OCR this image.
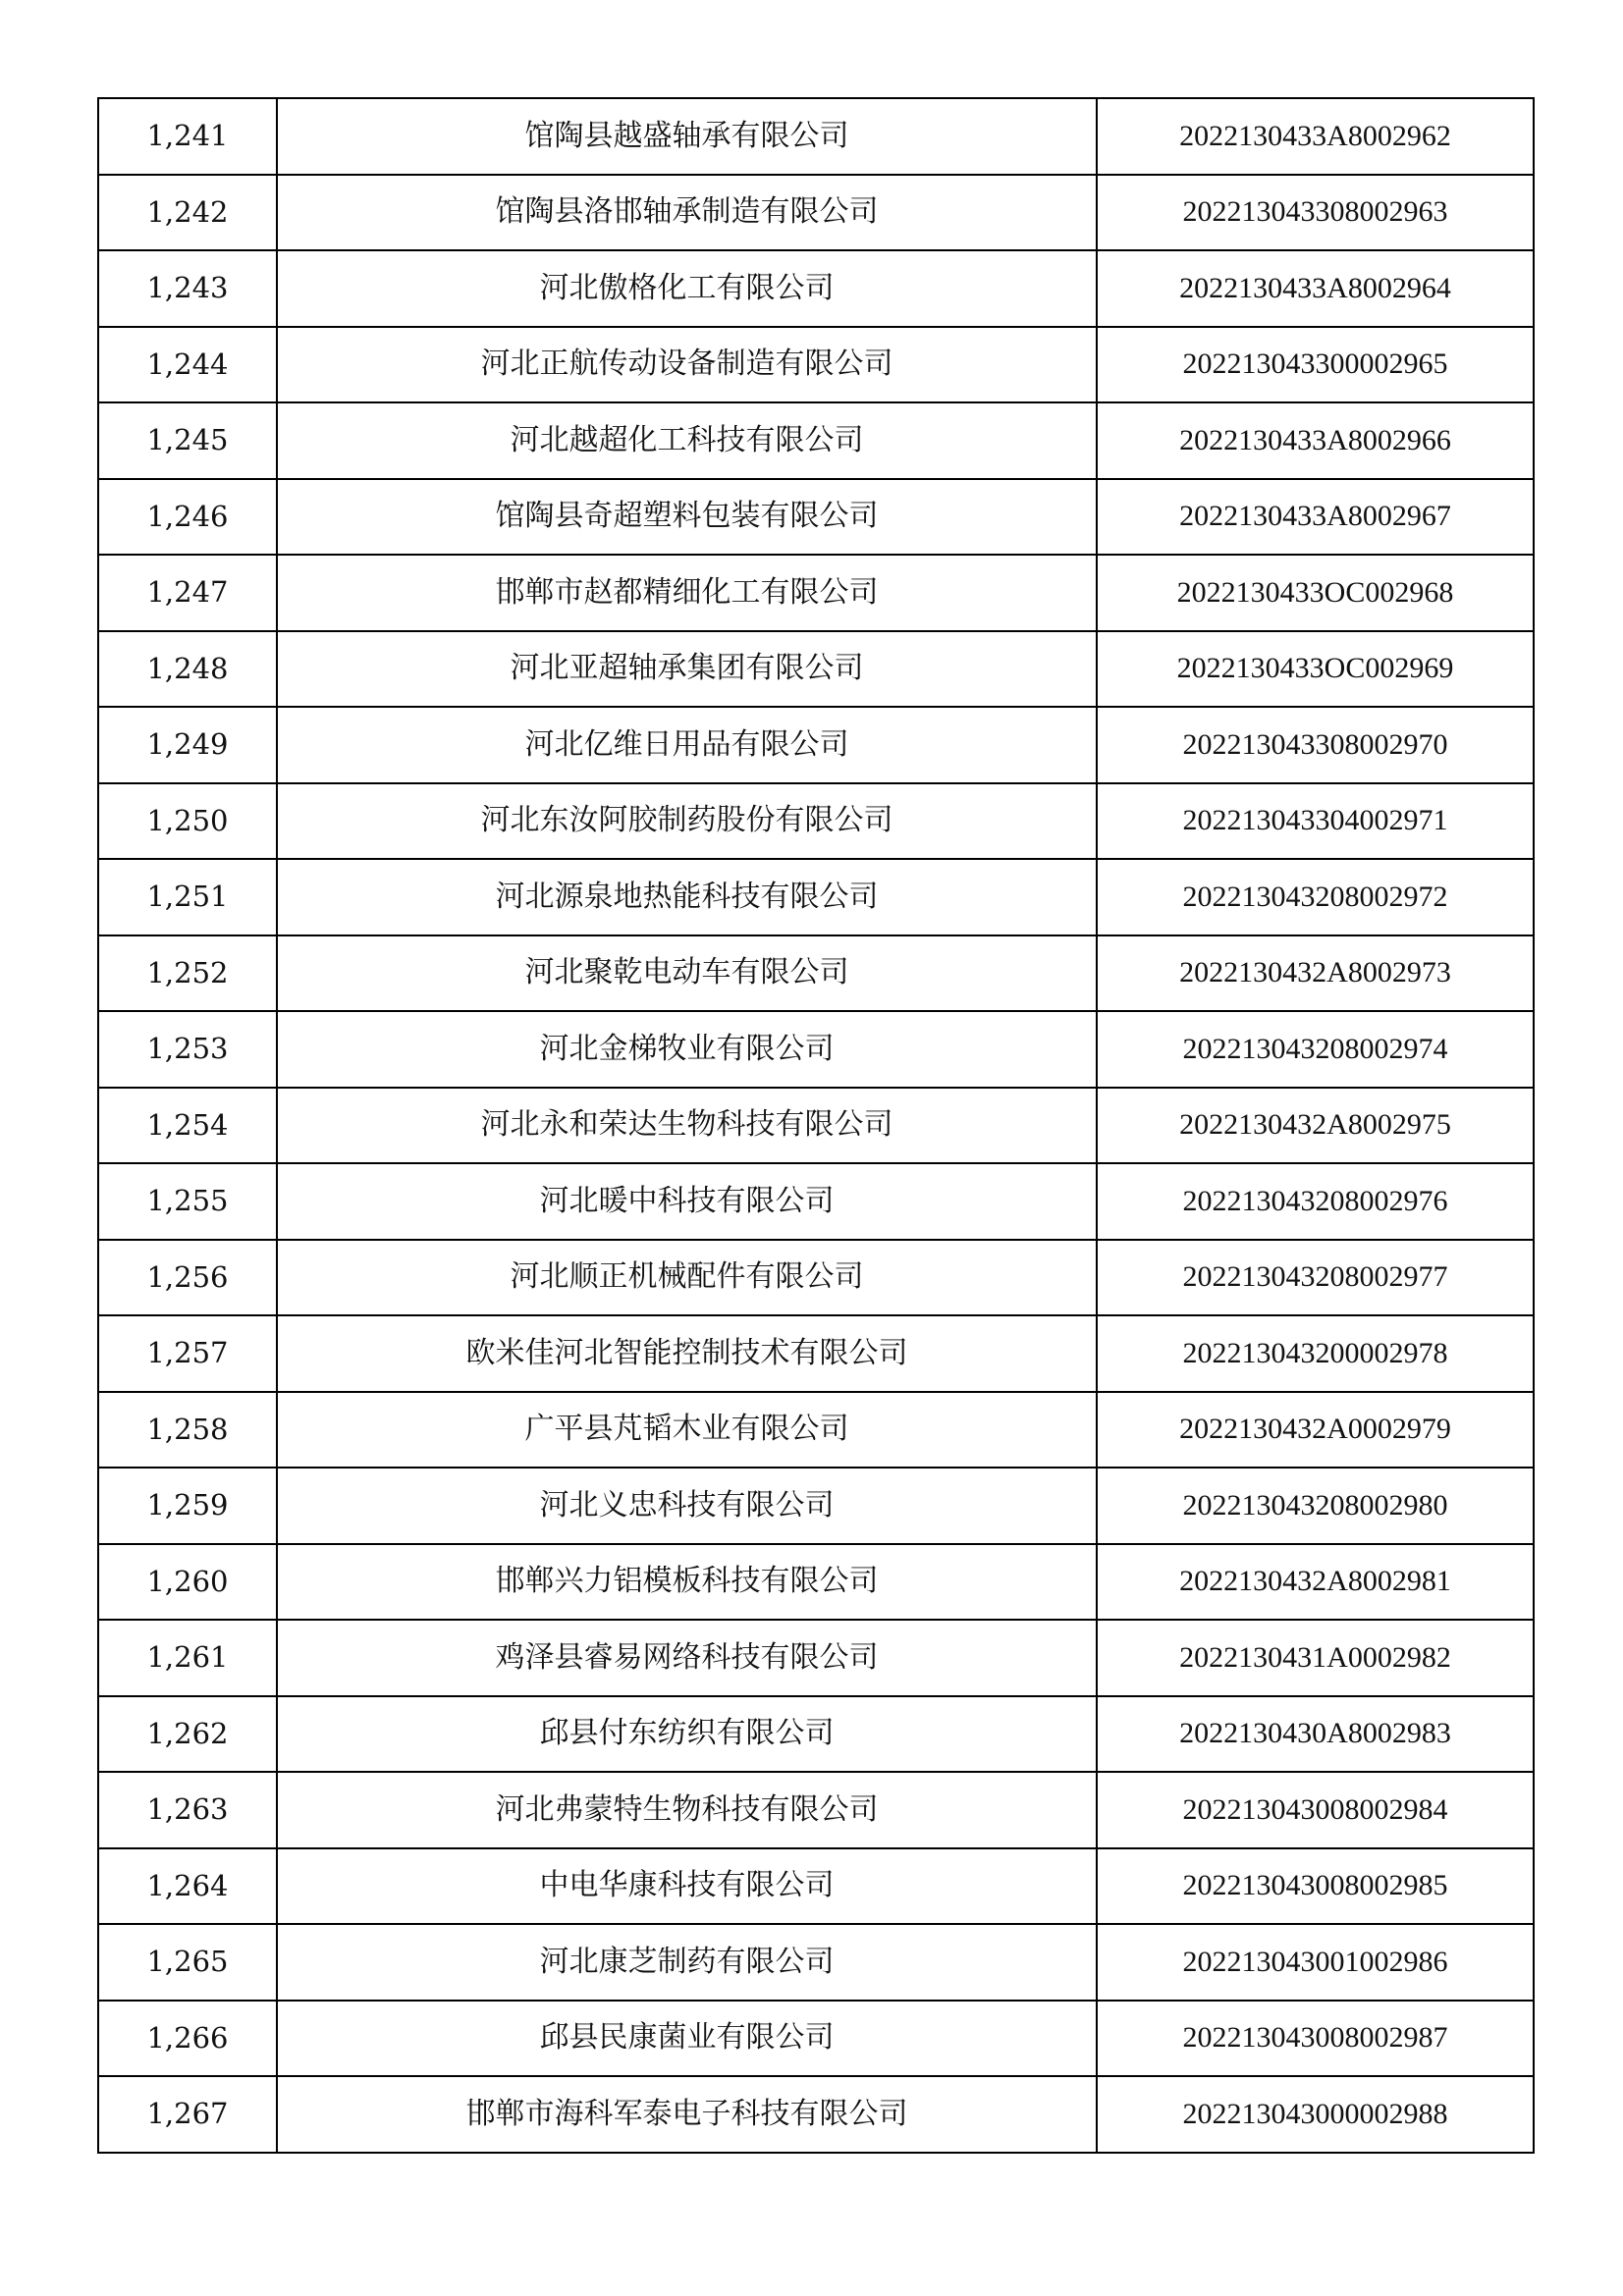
1,241	馆陶县越盛轴承有限公司	2022130433A8002962
1,242	馆陶县洛邯轴承制造有限公司	202213043308002963
1,243	河北傲格化工有限公司	2022130433A8002964
1,244	河北正航传动设备制造有限公司	202213043300002965
1,245	河北越超化工科技有限公司	2022130433A8002966
1,246	馆陶县奇超塑料包装有限公司	2022130433A8002967
1,247	邯郸市赵都精细化工有限公司	2022130433OC002968
1,248	河北亚超轴承集团有限公司	2022130433OC002969
1,249	河北亿维日用品有限公司	202213043308002970
1,250	河北东汝阿胶制药股份有限公司	202213043304002971
1,251	河北源泉地热能科技有限公司	202213043208002972
1,252	河北聚乾电动车有限公司	2022130432A8002973
1,253	河北金梯牧业有限公司	202213043208002974
1,254	河北永和荣达生物科技有限公司	2022130432A8002975
1,255	河北暖中科技有限公司	202213043208002976
1,256	河北顺正机械配件有限公司	202213043208002977
1,257	欧米佳河北智能控制技术有限公司	202213043200002978
1,258	广平县芃韬木业有限公司	2022130432A0002979
1,259	河北义忠科技有限公司	202213043208002980
1,260	邯郸兴力铝模板科技有限公司	2022130432A8002981
1,261	鸡泽县睿易网络科技有限公司	2022130431A0002982
1,262	邱县付东纺织有限公司	2022130430A8002983
1,263	河北弗蒙特生物科技有限公司	202213043008002984
1,264	中电华康科技有限公司	202213043008002985
1,265	河北康芝制药有限公司	202213043001002986
1,266	邱县民康菌业有限公司	202213043008002987
1,267	邯郸市海科军泰电子科技有限公司	202213043000002988
